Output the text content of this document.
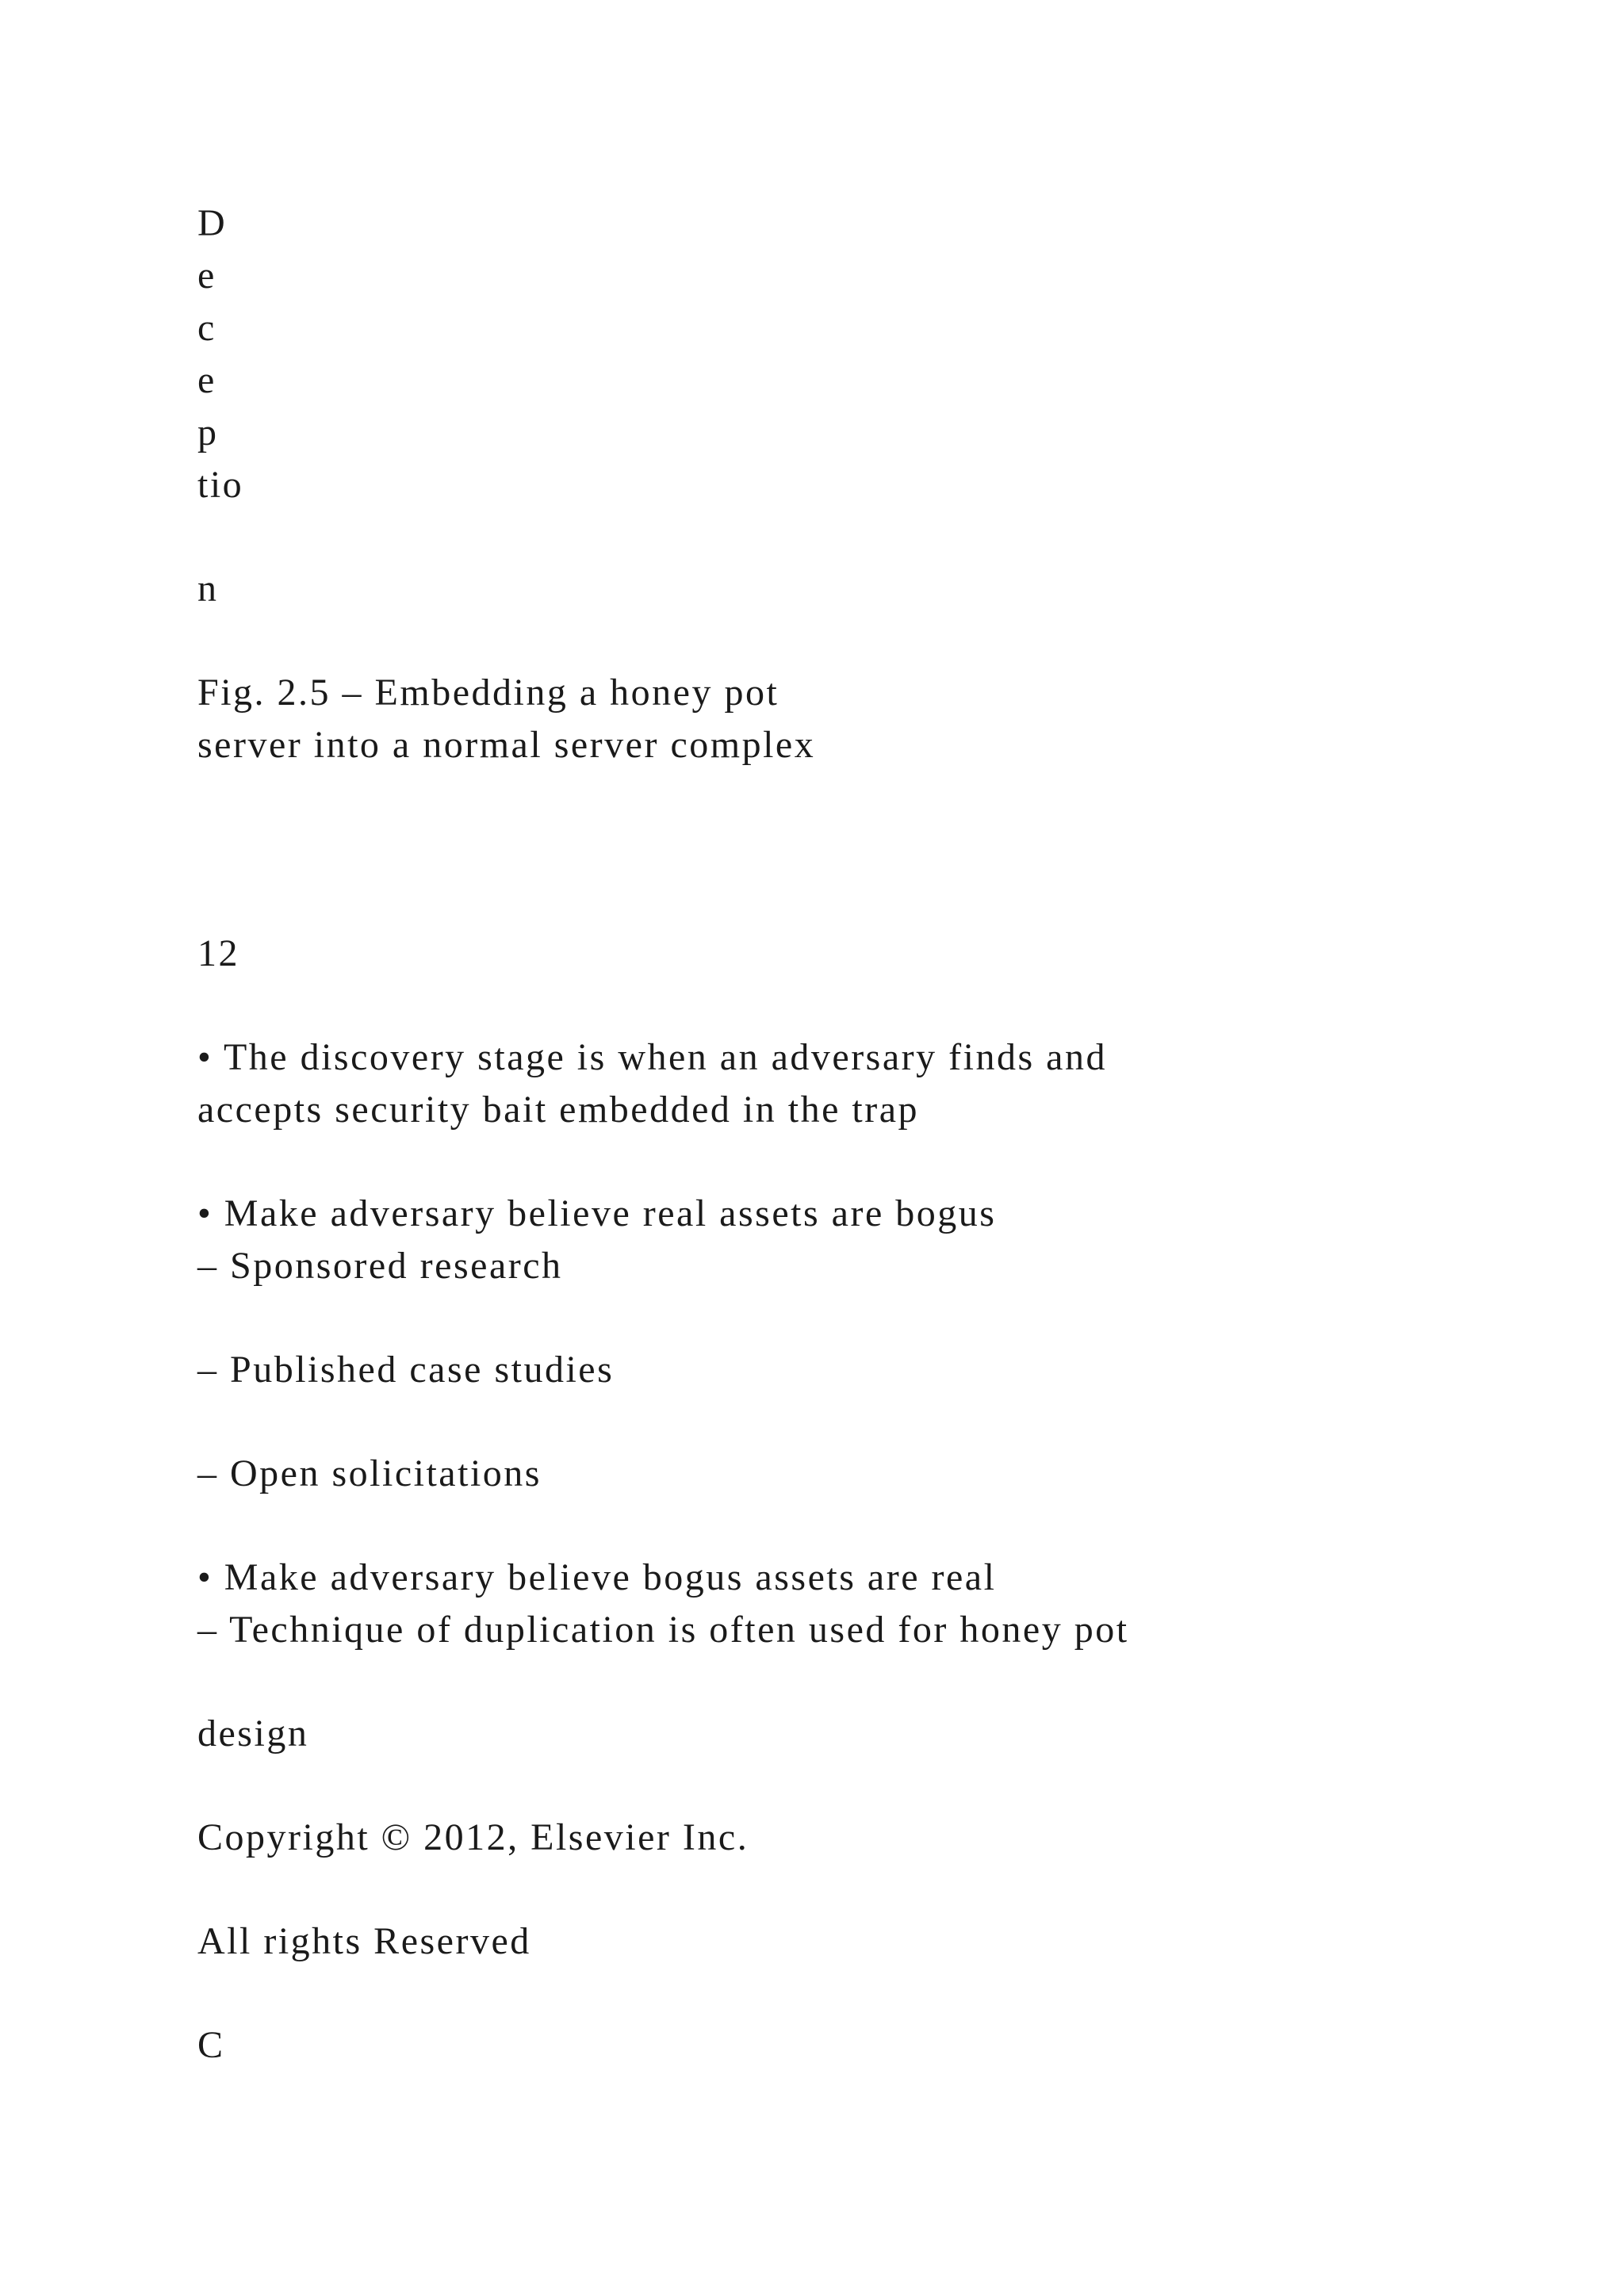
D
e
c
e
p
tio
n
Fig. 2.5 – Embedding a honey pot
server into a normal server complex
12
• The discovery stage is when an adversary finds and
accepts security bait embedded in the trap
• Make adversary believe real assets are bogus
– Sponsored research
– Published case studies
– Open solicitations
• Make adversary believe bogus assets are real
– Technique of duplication is often used for honey pot
design
Copyright © 2012, Elsevier Inc.
All rights Reserved
C
